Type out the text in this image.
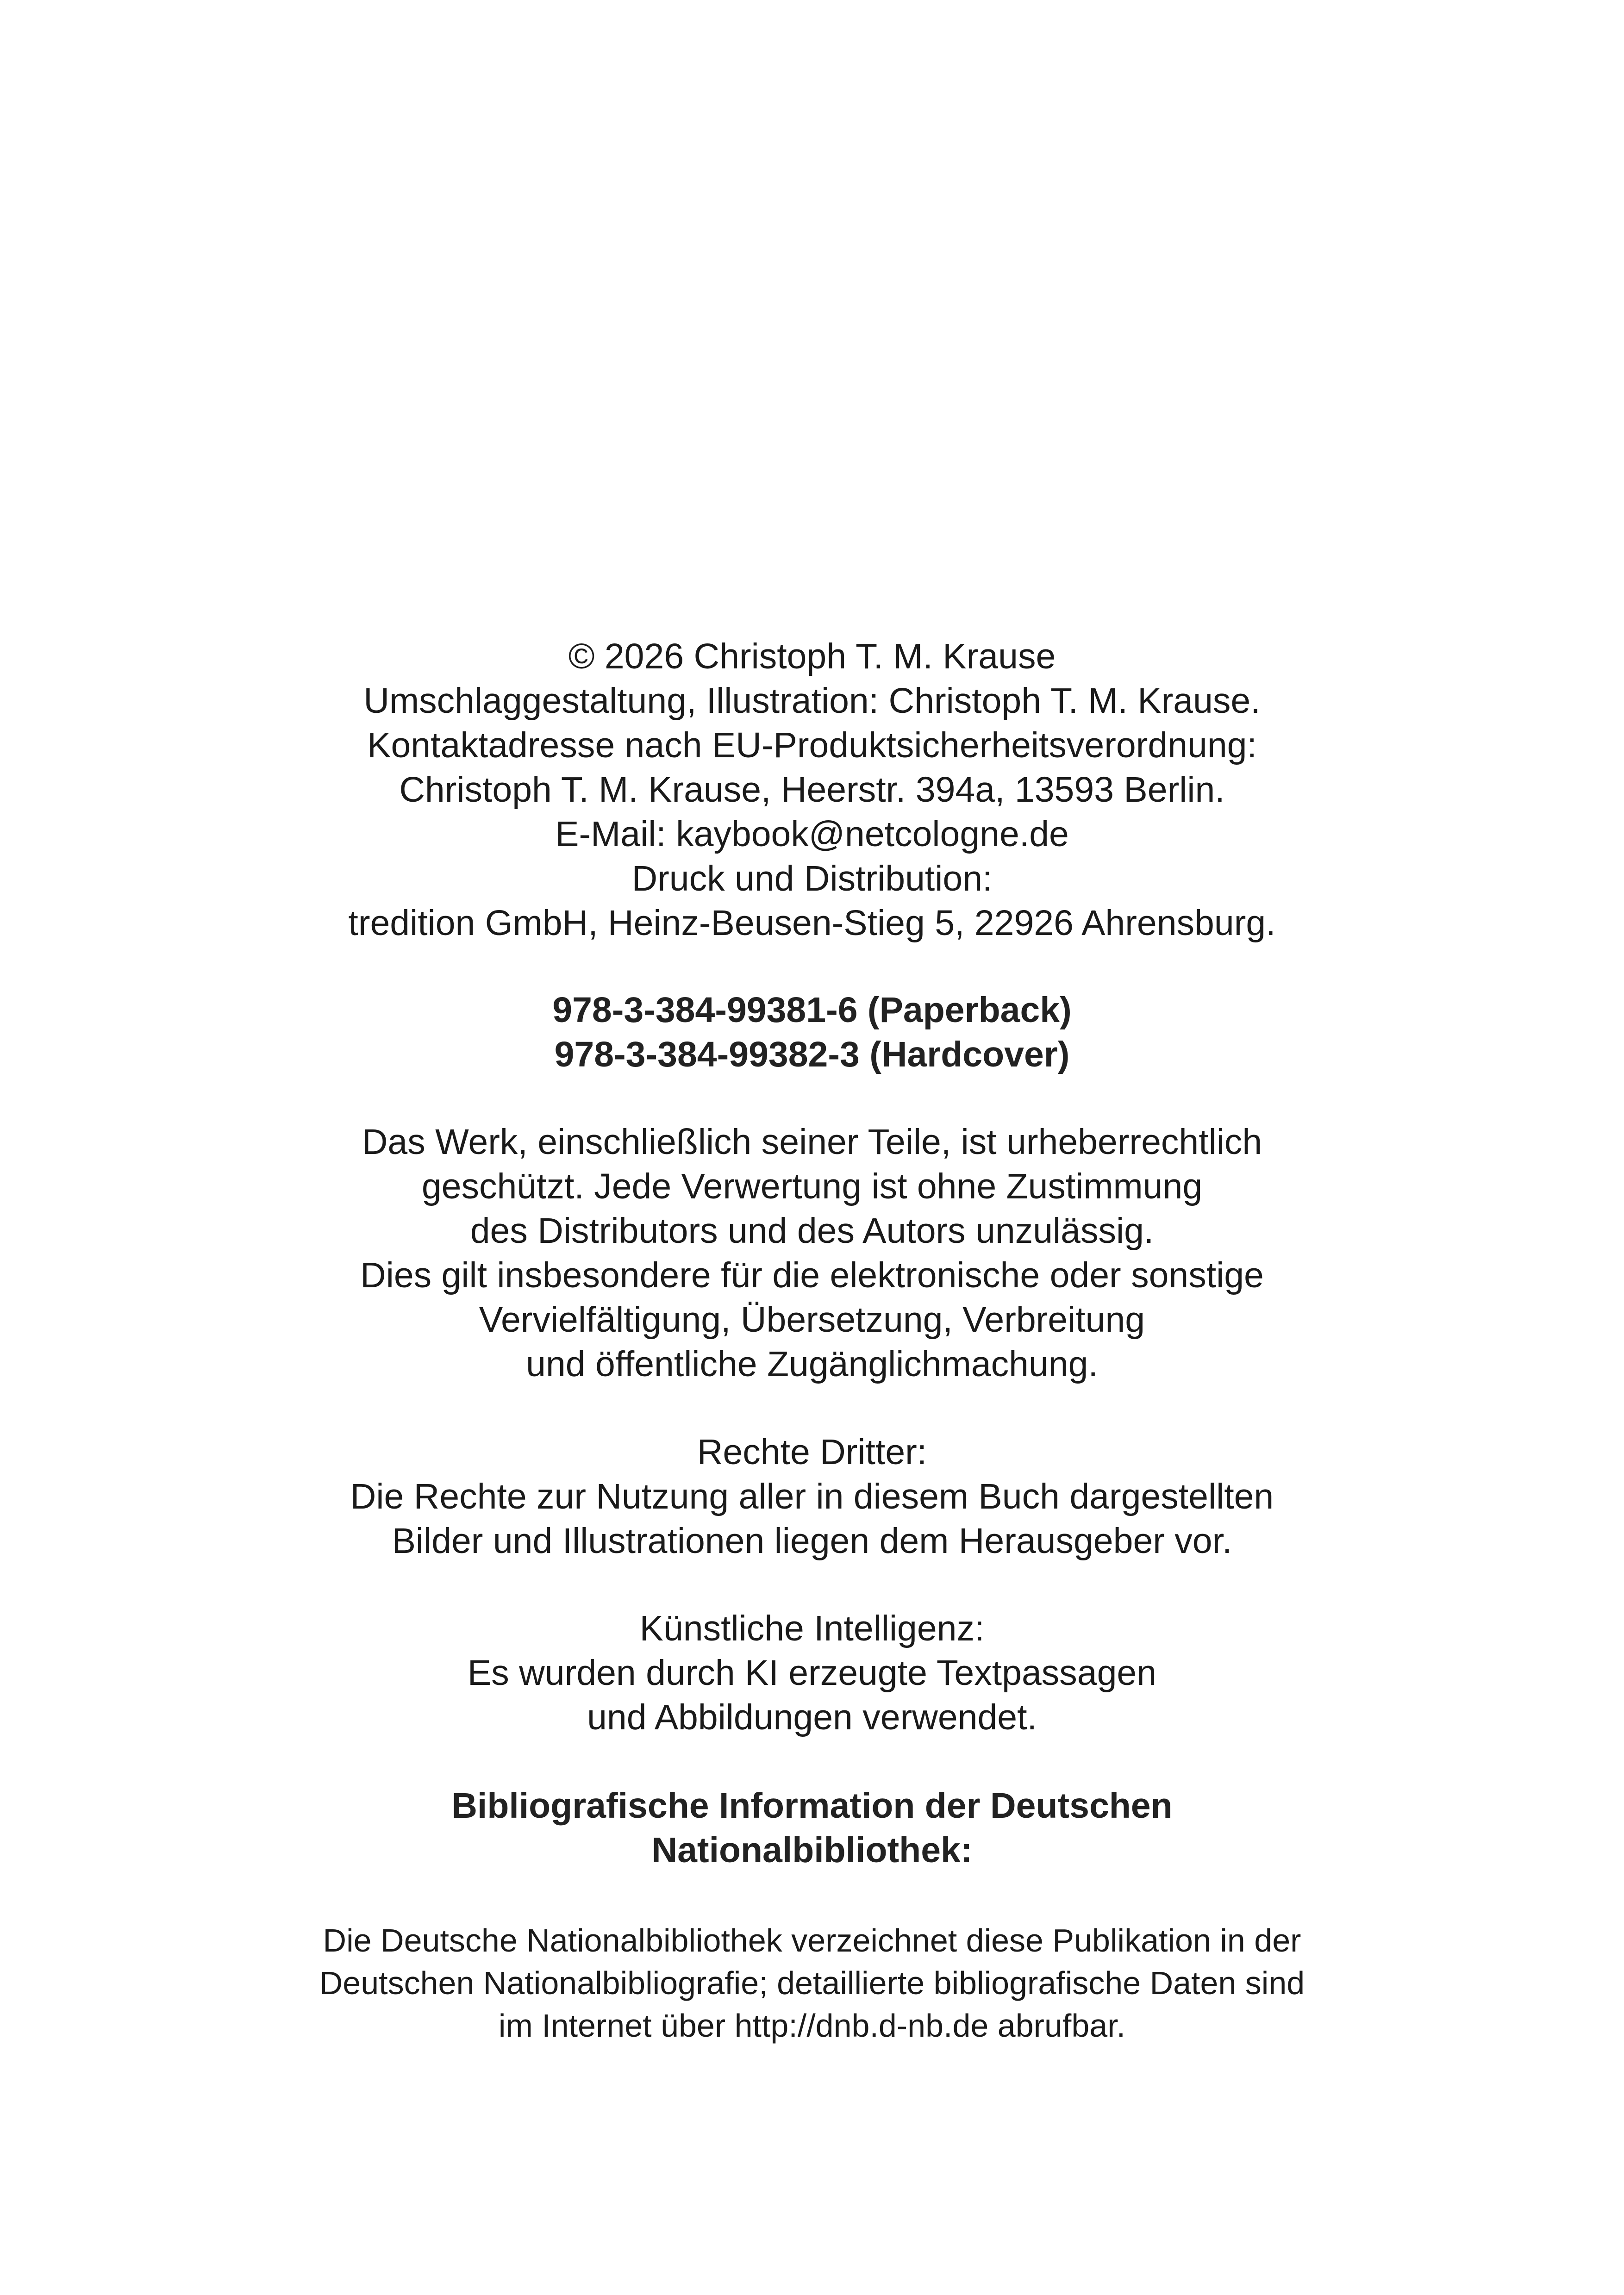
© 2026 Christoph T. M. Krause
Umschlaggestaltung, Illustration: Christoph T. M. Krause.
Kontaktadresse nach EU-Produktsicherheitsverordnung:
Christoph T. M. Krause, Heerstr. 394a, 13593 Berlin.
E-Mail: kaybook@netcologne.de
Druck und Distribution:
tredition GmbH, Heinz-Beusen-Stieg 5, 22926 Ahrensburg.
978-3-384-99381-6 (Paperback)
978-3-384-99382-3 (Hardcover)
Das Werk, einschließlich seiner Teile, ist urheberrechtlich
geschützt. Jede Verwertung ist ohne Zustimmung
des Distributors und des Autors unzulässig.
Dies gilt insbesondere für die elektronische oder sonstige
Vervielfältigung, Übersetzung, Verbreitung
und öffentliche Zugänglichmachung.
Rechte Dritter:
Die Rechte zur Nutzung aller in diesem Buch dargestellten
Bilder und Illustrationen liegen dem Herausgeber vor.
Künstliche Intelligenz:
Es wurden durch KI erzeugte Textpassagen
und Abbildungen verwendet.
Bibliografische Information der Deutschen
Nationalbibliothek:
Die Deutsche Nationalbibliothek verzeichnet diese Publikation in der
Deutschen Nationalbibliografie; detaillierte bibliografische Daten sind
im Internet über http://dnb.d-nb.de abrufbar.
